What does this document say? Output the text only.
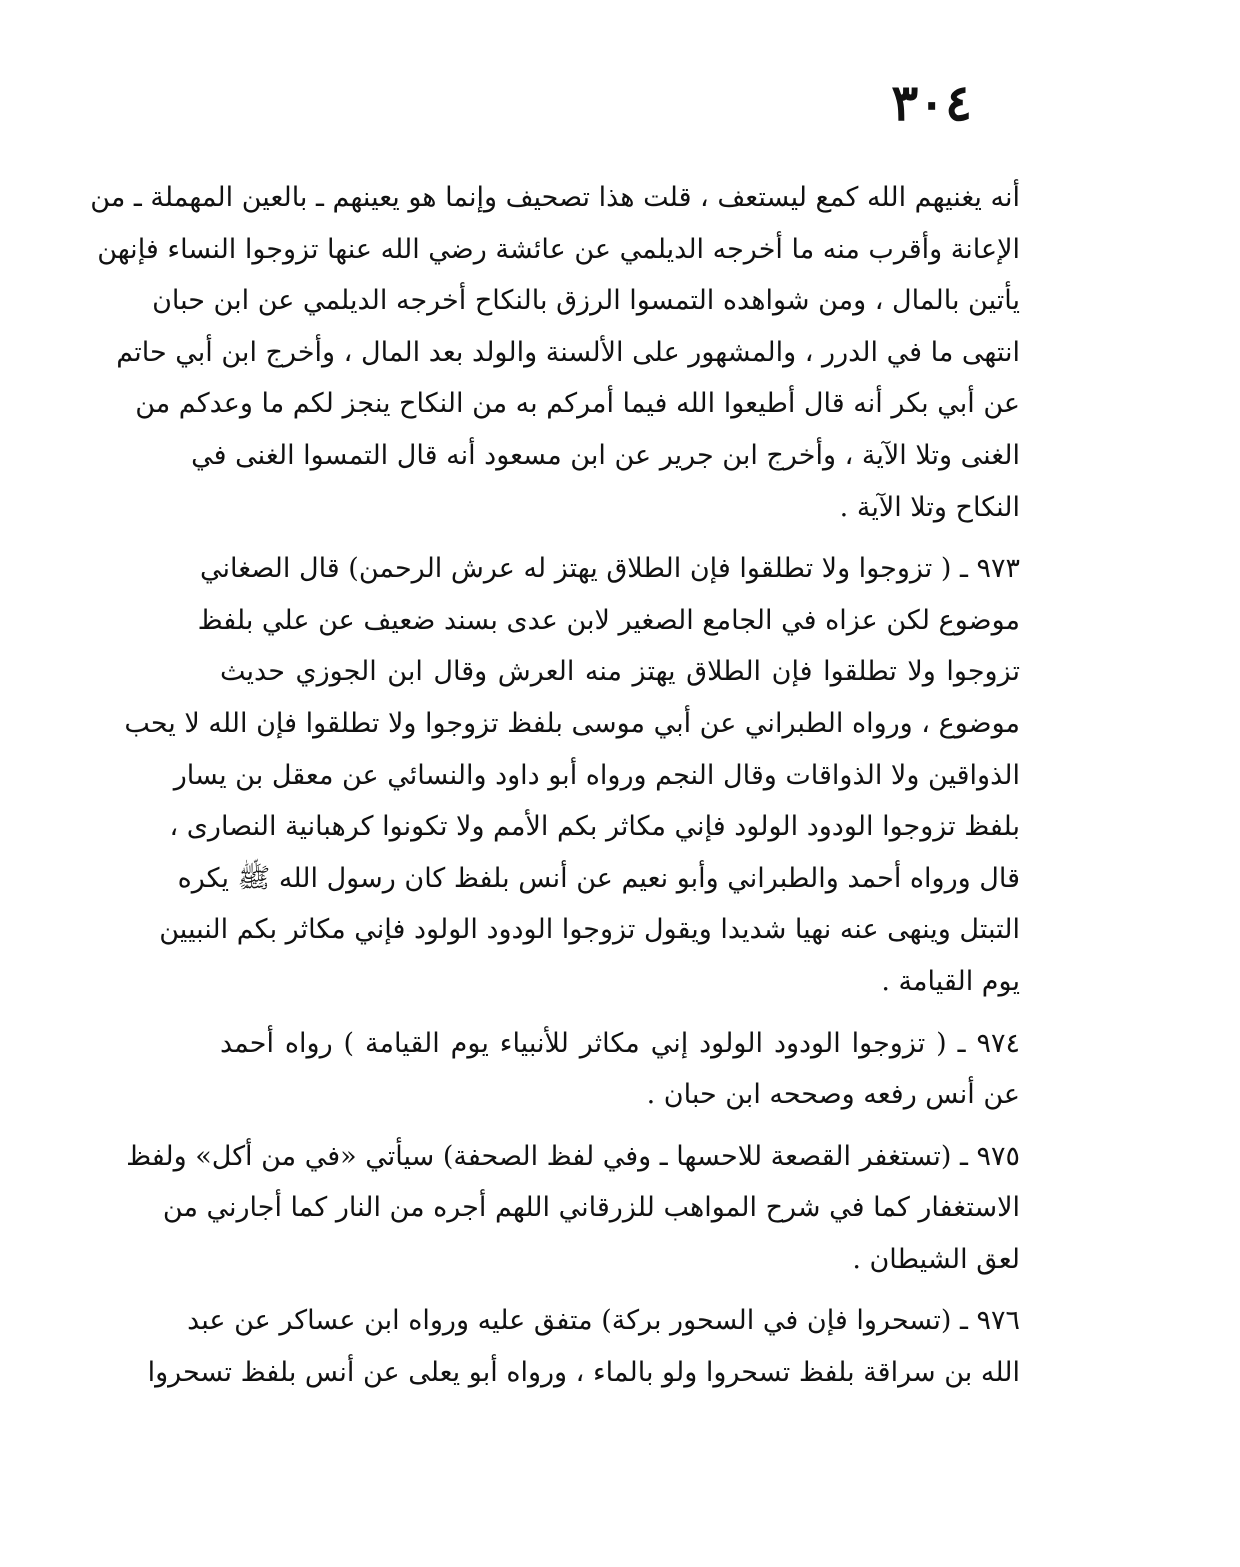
٣٠٤
أنه يغنيهم الله كمع ليستعف ، قلت هذا تصحيف وإنما هو يعينهم ـ بالعين المهملة ـ من
الإعانة وأقرب منه ما أخرجه الديلمي عن عائشة رضي الله عنها تزوجوا النساء فإنهن
يأتين بالمال ، ومن شواهده التمسوا الرزق بالنكاح أخرجه الديلمي عن ابن حبان
انتهى ما في الدرر ، والمشهور على الألسنة والولد بعد المال ، وأخرج ابن أبي حاتم
عن أبي بكر أنه قال أطيعوا الله فيما أمركم به من النكاح ينجز لكم ما وعدكم من
الغنى وتلا الآية ، وأخرج ابن جرير عن ابن مسعود أنه قال التمسوا الغنى في
النكاح وتلا الآية .
٩٧٣ ـ ( تزوجوا ولا تطلقوا فإن الطلاق يهتز له عرش الرحمن) قال الصغاني
موضوع لكن عزاه في الجامع الصغير لابن عدى بسند ضعيف عن علي بلفظ
تزوجوا ولا تطلقوا فإن الطلاق يهتز منه العرش وقال ابن الجوزي حديث
موضوع ، ورواه الطبراني عن أبي موسى بلفظ تزوجوا ولا تطلقوا فإن الله لا يحب
الذواقين ولا الذواقات وقال النجم ورواه أبو داود والنسائي عن معقل بن يسار
بلفظ تزوجوا الودود الولود فإني مكاثر بكم الأمم ولا تكونوا كرهبانية النصارى ،
قال ورواه أحمد والطبراني وأبو نعيم عن أنس بلفظ كان رسول الله ﷺ يكره
التبتل وينهى عنه نهيا شديدا ويقول تزوجوا الودود الولود فإني مكاثر بكم النبيين
يوم القيامة .
٩٧٤ ـ ( تزوجوا الودود الولود إني مكاثر للأنبياء يوم القيامة ) رواه أحمد
عن أنس رفعه وصححه ابن حبان .
٩٧٥ ـ (تستغفر القصعة للاحسها ـ وفي لفظ الصحفة) سيأتي «في من أكل» ولفظ
الاستغفار كما في شرح المواهب للزرقاني اللهم أجره من النار كما أجارني من
لعق الشيطان .
٩٧٦ ـ (تسحروا فإن في السحور بركة) متفق عليه ورواه ابن عساكر عن عبد
الله بن سراقة بلفظ تسحروا ولو بالماء ، ورواه أبو يعلى عن أنس بلفظ تسحروا
